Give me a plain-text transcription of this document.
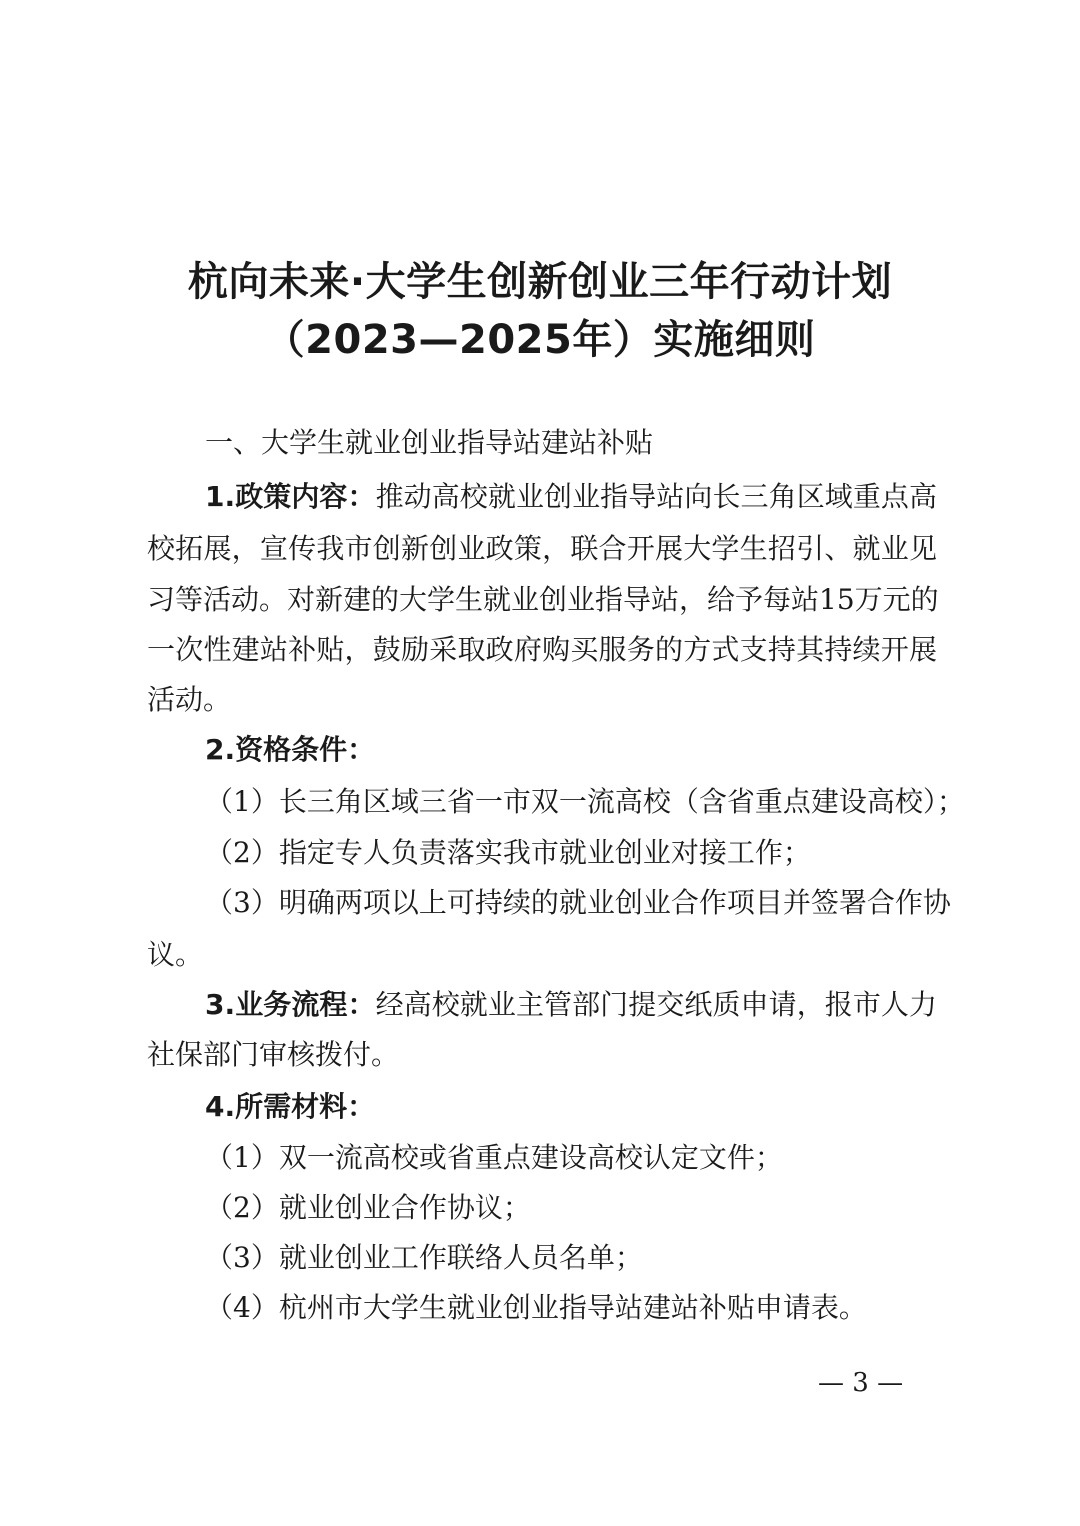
杭向未来·大学生创新创业三年行动计划
（2023—2025年）实施细则
一、大学生就业创业指导站建站补贴
1.政策内容：推动高校就业创业指导站向长三角区域重点高
校拓展，宣传我市创新创业政策，联合开展大学生招引、就业见
习等活动。对新建的大学生就业创业指导站，给予每站15万元的
一次性建站补贴，鼓励采取政府购买服务的方式支持其持续开展
活动。
2.资格条件：
（1）长三角区域三省一市双一流高校（含省重点建设高校）；
（2）指定专人负责落实我市就业创业对接工作；
（3）明确两项以上可持续的就业创业合作项目并签署合作协
议。
3.业务流程：经高校就业主管部门提交纸质申请，报市人力
社保部门审核拨付。
4.所需材料：
（1）双一流高校或省重点建设高校认定文件；
（2）就业创业合作协议；
（3）就业创业工作联络人员名单；
（4）杭州市大学生就业创业指导站建站补贴申请表。
— 3 —
